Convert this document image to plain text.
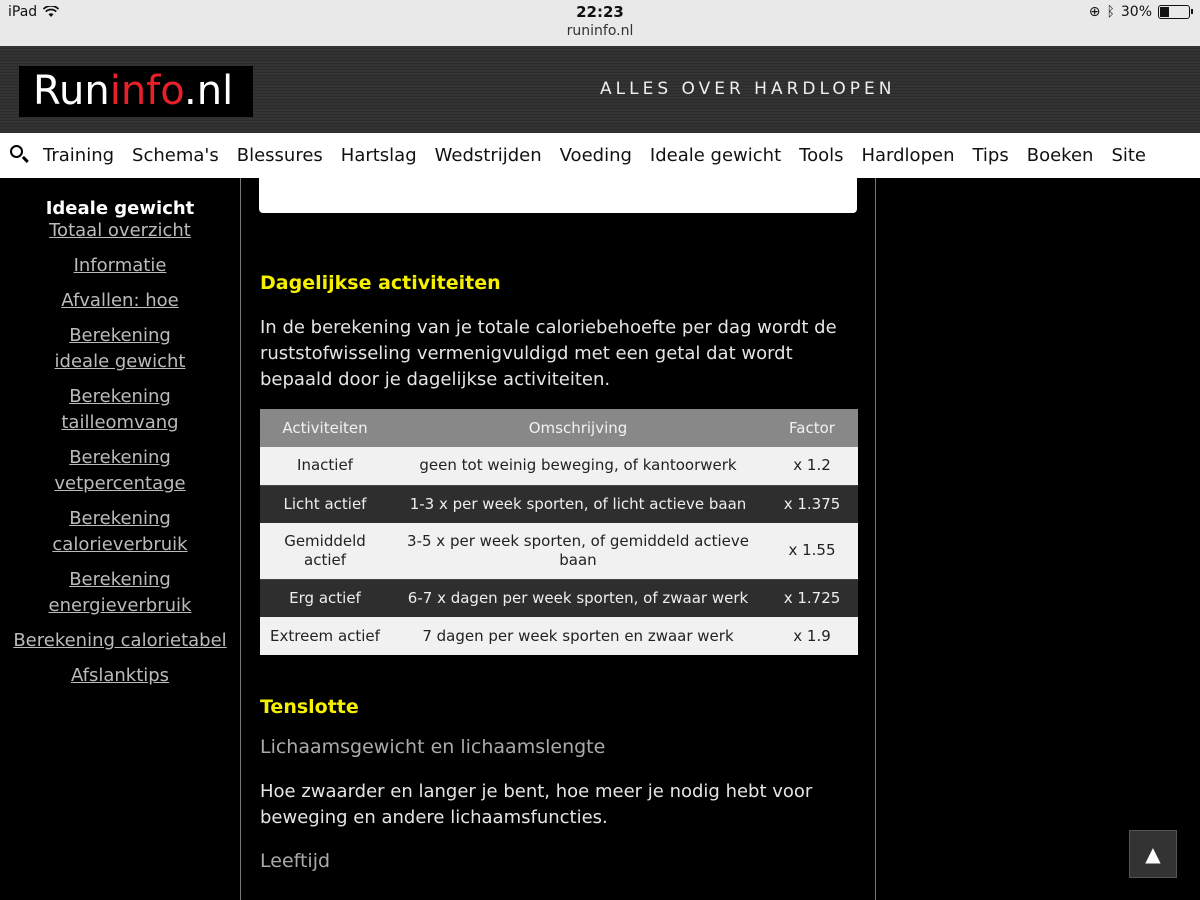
iPad	22:23
runinfo.nl
⊕ ᛒ 30%
Runinfo.nl	ALLES OVER HARDLOPEN
Training Schema's Blessures Hartslag Wedstrijden Voeding Ideale gewicht Tools Hardlopen Tips Boeken Site
Ideale gewicht
Totaal overzicht
Informatie
Afvallen: hoe
Berekening ideale gewicht
Berekening tailleomvang
Berekening vetpercentage
Berekening calorieverbruik
Berekening energieverbruik
Berekening calorietabel
Afslanktips
Dagelijkse activiteiten
In de berekening van je totale caloriebehoefte per dag wordt de ruststofwisseling vermenigvuldigd met een getal dat wordt bepaald door je dagelijkse activiteiten.
Activiteiten	Omschrijving	Factor
Inactief	geen tot weinig beweging, of kantoorwerk	x 1.2
Licht actief	1-3 x per week sporten, of licht actieve baan	x 1.375
Gemiddeld actief	3-5 x per week sporten, of gemiddeld actieve baan	x 1.55
Erg actief	6-7 x dagen per week sporten, of zwaar werk	x 1.725
Extreem actief	7 dagen per week sporten en zwaar werk	x 1.9
Tenslotte
Lichaamsgewicht en lichaamslengte
Hoe zwaarder en langer je bent, hoe meer je nodig hebt voor beweging en andere lichaamsfuncties.
Leeftijd	▲
